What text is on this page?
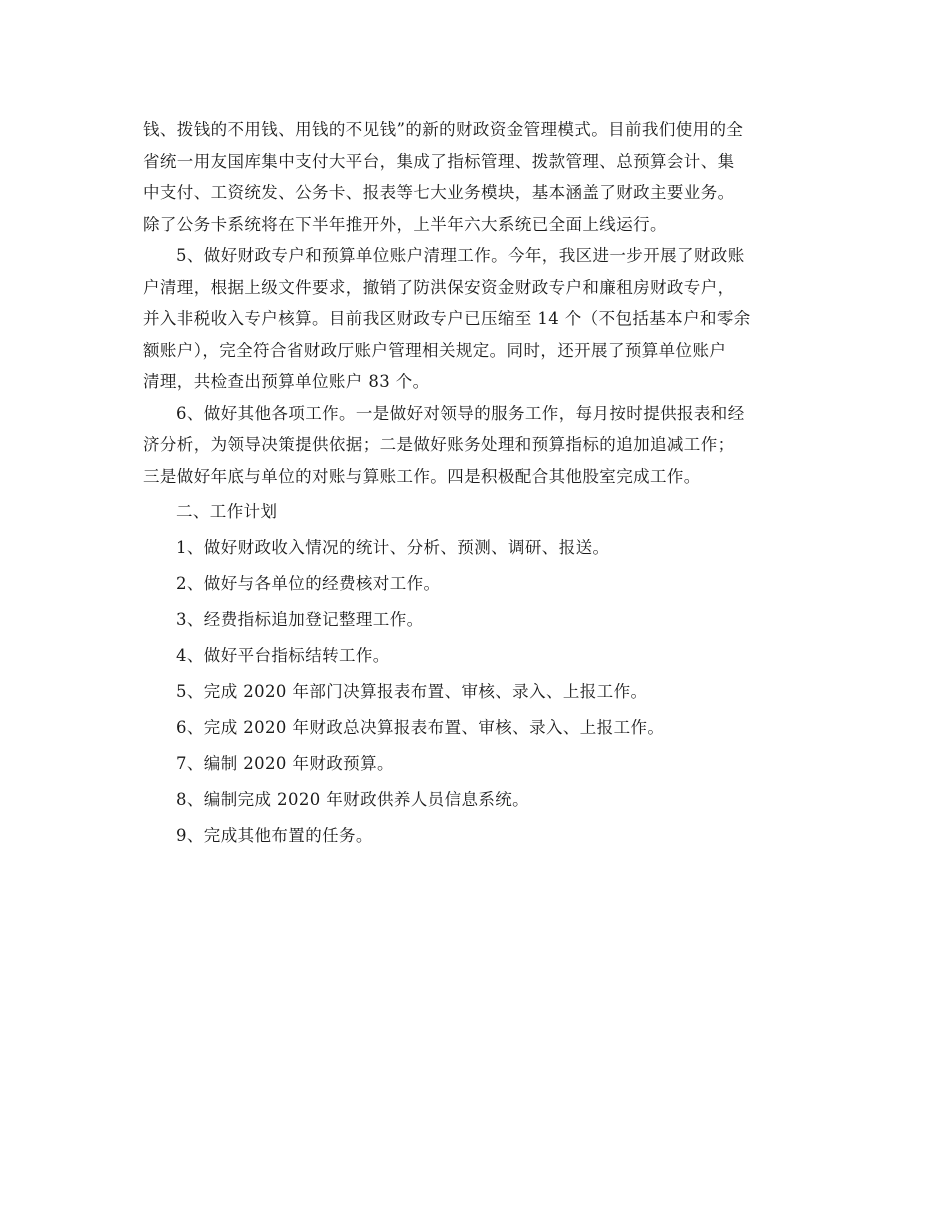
钱、拨钱的不用钱、用钱的不见钱”的新的财政资金管理模式。目前我们使用的全
省统一用友国库集中支付大平台，集成了指标管理、拨款管理、总预算会计、集
中支付、工资统发、公务卡、报表等七大业务模块，基本涵盖了财政主要业务。
除了公务卡系统将在下半年推开外，上半年六大系统已全面上线运行。

5、做好财政专户和预算单位账户清理工作。今年，我区进一步开展了财政账
户清理，根据上级文件要求，撤销了防洪保安资金财政专户和廉租房财政专户，
并入非税收入专户核算。目前我区财政专户已压缩至 14 个（不包括基本户和零余
额账户），完全符合省财政厅账户管理相关规定。同时，还开展了预算单位账户
清理，共检查出预算单位账户 83 个。

6、做好其他各项工作。一是做好对领导的服务工作，每月按时提供报表和经
济分析，为领导决策提供依据；二是做好账务处理和预算指标的追加追减工作；
三是做好年底与单位的对账与算账工作。四是积极配合其他股室完成工作。

二、工作计划
1、做好财政收入情况的统计、分析、预测、调研、报送。
2、做好与各单位的经费核对工作。
3、经费指标追加登记整理工作。
4、做好平台指标结转工作。
5、完成 2020 年部门决算报表布置、审核、录入、上报工作。
6、完成 2020 年财政总决算报表布置、审核、录入、上报工作。
7、编制 2020 年财政预算。
8、编制完成 2020 年财政供养人员信息系统。
9、完成其他布置的任务。
